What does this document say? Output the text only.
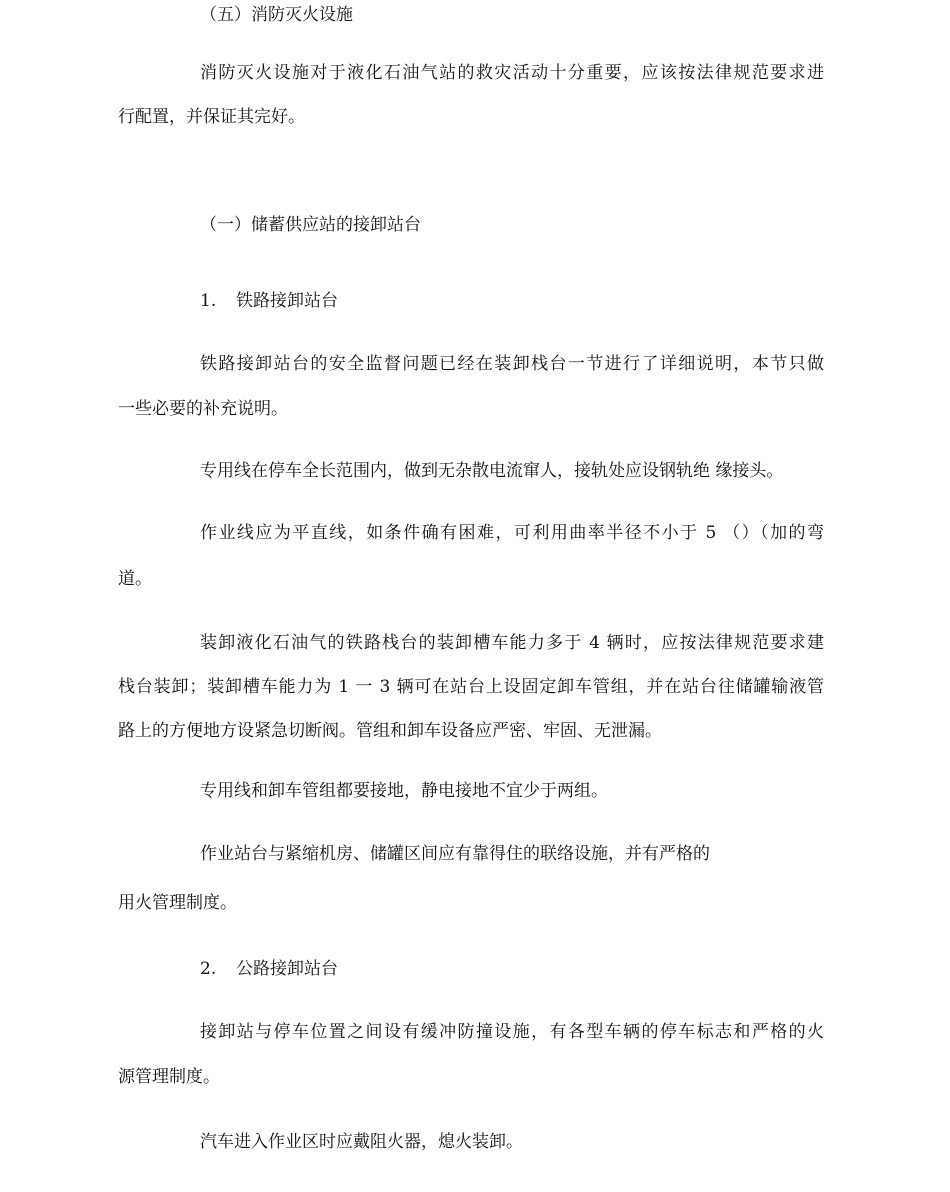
（五）消防灭火设施
消防灭火设施对于液化石油气站的救灾活动十分重要，应该按法律规范要求进
行配置，并保证其完好。
（一）储蓄供应站的接卸站台
1. 铁路接卸站台
铁路接卸站台的安全监督问题已经在装卸栈台一节进行了详细说明，本节只做
一些必要的补充说明。
专用线在停车全长范围内，做到无杂散电流窜人，接轨处应设钢轨绝 缘接头。
作业线应为平直线，如条件确有困难，可利用曲率半径不小于 5 （）（加的弯
道。
装卸液化石油气的铁路栈台的装卸槽车能力多于 4 辆时，应按法律规范要求建
栈台装卸；装卸槽车能力为 1 一 3 辆可在站台上设固定卸车管组，并在站台往储罐输液管
路上的方便地方设紧急切断阀。管组和卸车设备应严密、牢固、无泄漏。
专用线和卸车管组都要接地，静电接地不宜少于两组。
作业站台与紧缩机房、储罐区间应有靠得住的联络设施，并有严格的
用火管理制度。
2. 公路接卸站台
接卸站与停车位置之间设有缓冲防撞设施，有各型车辆的停车标志和严格的火
源管理制度。
汽车进入作业区时应戴阻火器，熄火装卸。
